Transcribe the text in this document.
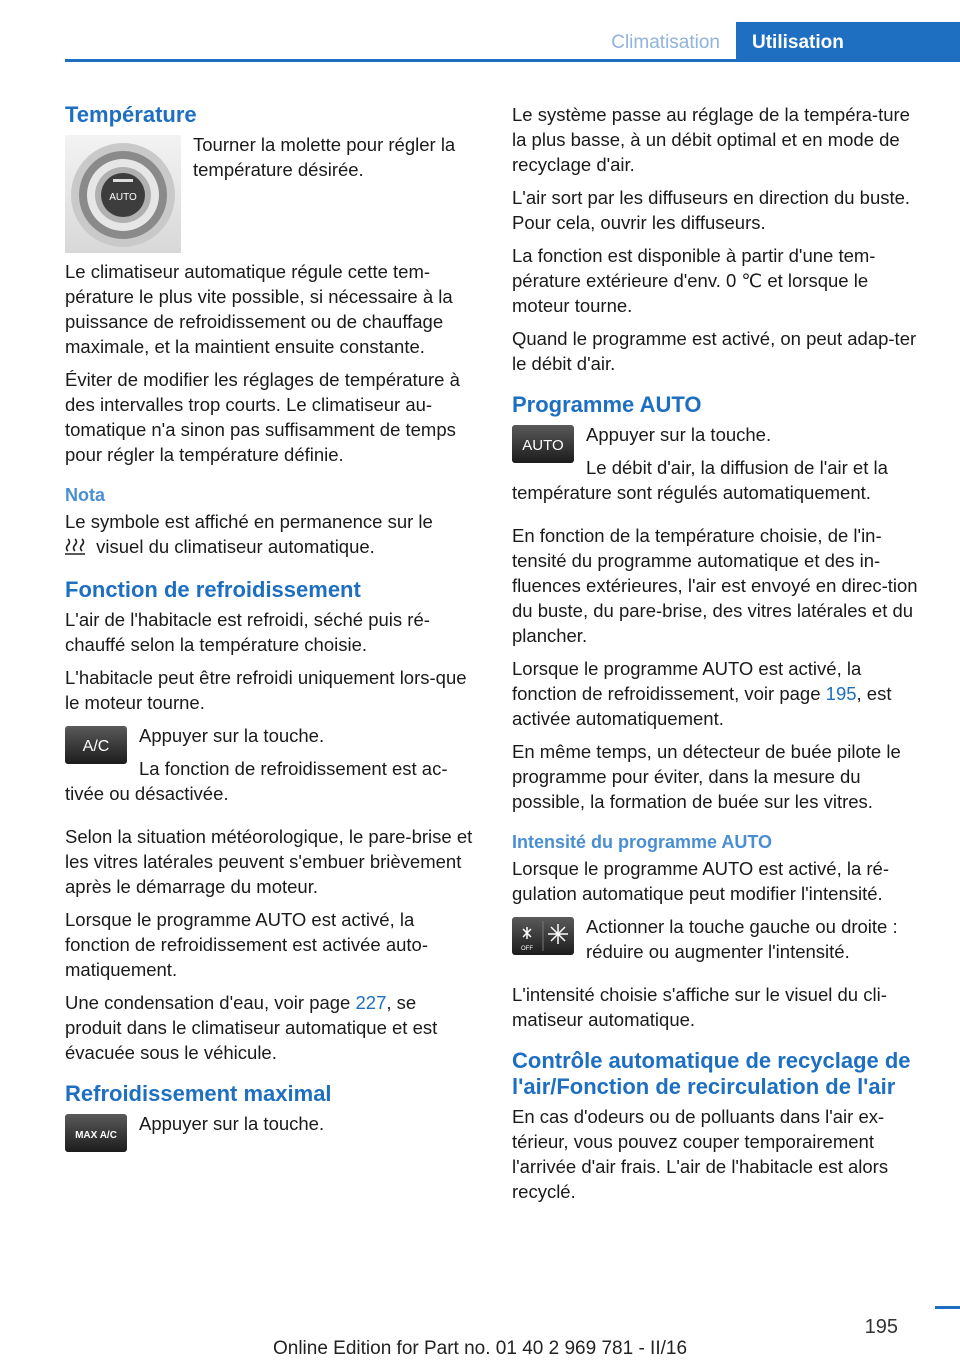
Climatisation	Utilisation
Température
AUTO

Tourner la molette pour régler la température désirée.

Le climatiseur automatique régule cette tem‐pérature le plus vite possible, si nécessaire à la puissance de refroidissement ou de chauffage maximale, et la maintient ensuite constante.

Éviter de modifier les réglages de température à des intervalles trop courts. Le climatiseur au‐tomatique n'a sinon pas suffisamment de temps pour régler la température définie.

Nota

Le symbole est affiché en permanence sur le
visuel du climatiseur automatique.

Fonction de refroidissement

L'air de l'habitacle est refroidi, séché puis ré‐chauffé selon la température choisie.

L'habitacle peut être refroidi uniquement lors‐que le moteur tourne.

A/C

Appuyer sur la touche.

La fonction de refroidissement est ac‐tivée ou désactivée.

Selon la situation météorologique, le pare-brise et les vitres latérales peuvent s'embuer brièvement après le démarrage du moteur.

Lorsque le programme AUTO est activé, la fonction de refroidissement est activée auto‐matiquement.

Une condensation d'eau, voir page 227, se produit dans le climatiseur automatique et est évacuée sous le véhicule.

Refroidissement maximal
MAX A/C

Appuyer sur la touche.

Le système passe au réglage de la tempéra‐ture la plus basse, à un débit optimal et en mode de recyclage d'air.

L'air sort par les diffuseurs en direction du buste. Pour cela, ouvrir les diffuseurs.

La fonction est disponible à partir d'une tem‐pérature extérieure d'env. 0 ℃ et lorsque le moteur tourne.

Quand le programme est activé, on peut adap‐ter le débit d'air.

Programme AUTO
AUTO

Appuyer sur la touche.

Le débit d'air, la diffusion de l'air et la température sont régulés automatiquement.

En fonction de la température choisie, de l'in‐tensité du programme automatique et des in‐fluences extérieures, l'air est envoyé en direc‐tion du buste, du pare-brise, des vitres latérales et du plancher.

Lorsque le programme AUTO est activé, la fonction de refroidissement, voir page 195, est activée automatiquement.

En même temps, un détecteur de buée pilote le programme pour éviter, dans la mesure du possible, la formation de buée sur les vitres.

Intensité du programme AUTO

Lorsque le programme AUTO est activé, la ré‐gulation automatique peut modifier l'intensité.

OFF

Actionner la touche gauche ou droite : réduire ou augmenter l'intensité.

L'intensité choisie s'affiche sur le visuel du cli‐matiseur automatique.

Contrôle automatique de recyclage de l'air/Fonction de recirculation de l'air

En cas d'odeurs ou de polluants dans l'air ex‐térieur, vous pouvez couper temporairement l'arrivée d'air frais. L'air de l'habitacle est alors recyclé.

195
Online Edition for Part no. 01 40 2 969 781 - II/16
